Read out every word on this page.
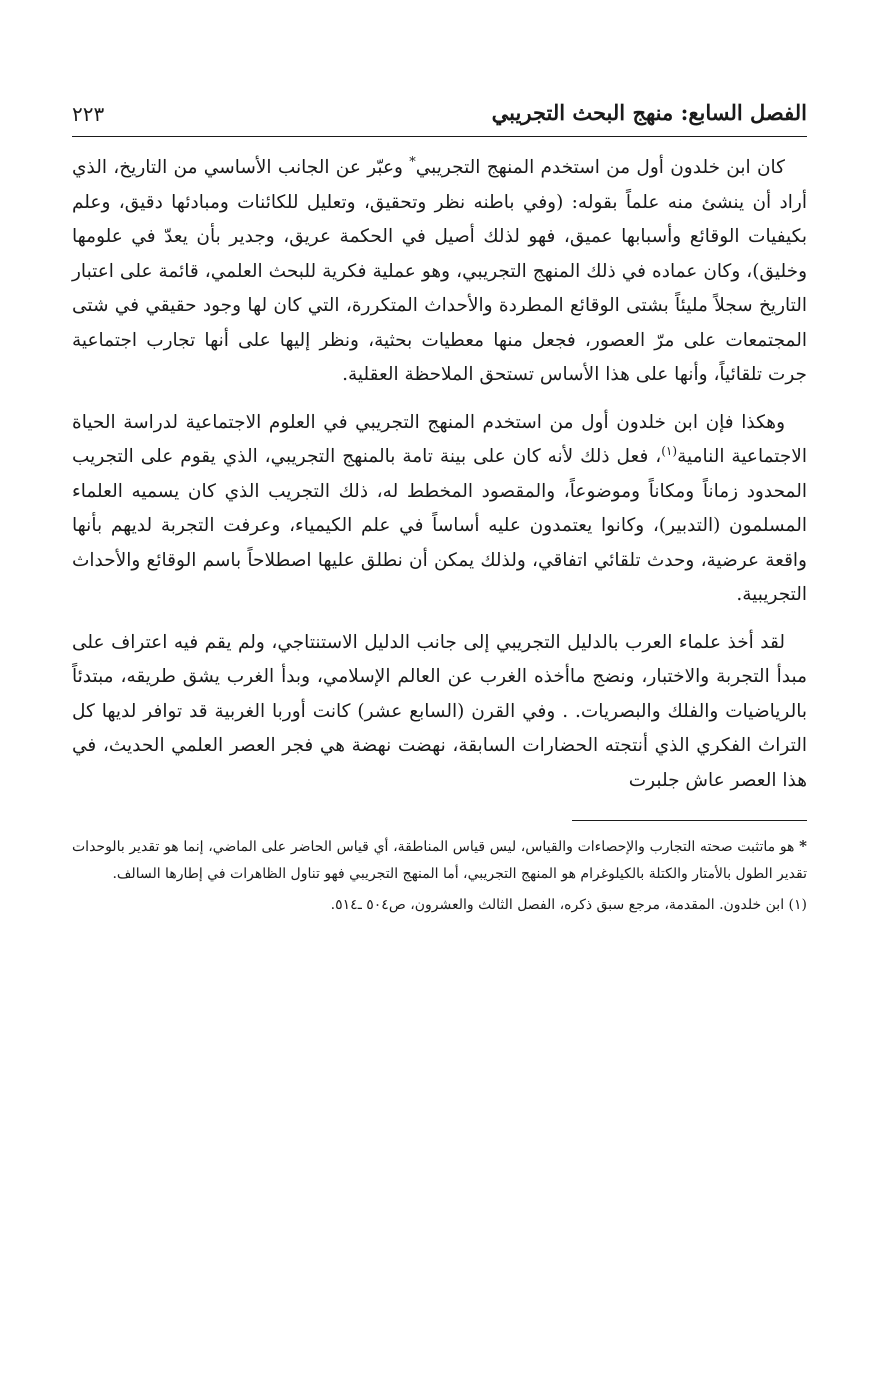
الفصل السابع: منهج البحث التجريبي
٢٢٣

كان ابن خلدون أول من استخدم المنهج التجريبي* وعبّر عن الجانب الأساسي من التاريخ، الذي أراد أن ينشئ منه علماً بقوله: (وفي باطنه نظر وتحقيق، وتعليل للكائنات ومبادئها دقيق، وعلم بكيفيات الوقائع وأسبابها عميق، فهو لذلك أصيل في الحكمة عريق، وجدير بأن يعدّ في علومها وخليق)، وكان عماده في ذلك المنهج التجريبي، وهو عملية فكرية للبحث العلمي، قائمة على اعتبار التاريخ سجلاً مليئاً بشتى الوقائع المطردة والأحداث المتكررة، التي كان لها وجود حقيقي في شتى المجتمعات على مرّ العصور، فجعل منها معطيات بحثية، ونظر إليها على أنها تجارب اجتماعية جرت تلقائياً، وأنها على هذا الأساس تستحق الملاحظة العقلية.

وهكذا فإن ابن خلدون أول من استخدم المنهج التجريبي في العلوم الاجتماعية لدراسة الحياة الاجتماعية النامية$^{(١)}$، فعل ذلك لأنه كان على بينة تامة بالمنهج التجريبي، الذي يقوم على التجريب المحدود زماناً ومكاناً وموضوعاً، والمقصود المخطط له، ذلك التجريب الذي كان يسميه العلماء المسلمون (التدبير)، وكانوا يعتمدون عليه أساساً في علم الكيمياء، وعرفت التجربة لديهم بأنها واقعة عرضية، وحدث تلقائي اتفاقي، ولذلك يمكن أن نطلق عليها اصطلاحاً باسم الوقائع والأحداث التجريبية.

لقد أخذ علماء العرب بالدليل التجريبي إلى جانب الدليل الاستنتاجي، ولم يقم فيه اعتراف على مبدأ التجربة والاختبار، ونضج ماأخذه الغرب عن العالم الإسلامي، وبدأ الغرب يشق طريقه، مبتدئاً بالرياضيات والفلك والبصريات. . وفي القرن (السابع عشر) كانت أوربا الغربية قد توافر لديها كل التراث الفكري الذي أنتجته الحضارات السابقة، نهضت نهضة هي فجر العصر العلمي الحديث، في هذا العصر عاش جلبرت

* هو ماتثبت صحته التجارب والإحصاءات والقياس، ليس قياس المناطقة، أي قياس الحاضر على الماضي، إنما هو تقدير بالوحدات تقدير الطول بالأمتار والكتلة بالكيلوغرام هو المنهج التجريبي، أما المنهج التجريبي فهو تناول الظاهرات في إطارها السالف.

(١) ابن خلدون. المقدمة، مرجع سبق ذكره، الفصل الثالث والعشرون، ص٥٠٤ ـ٥١٤.
